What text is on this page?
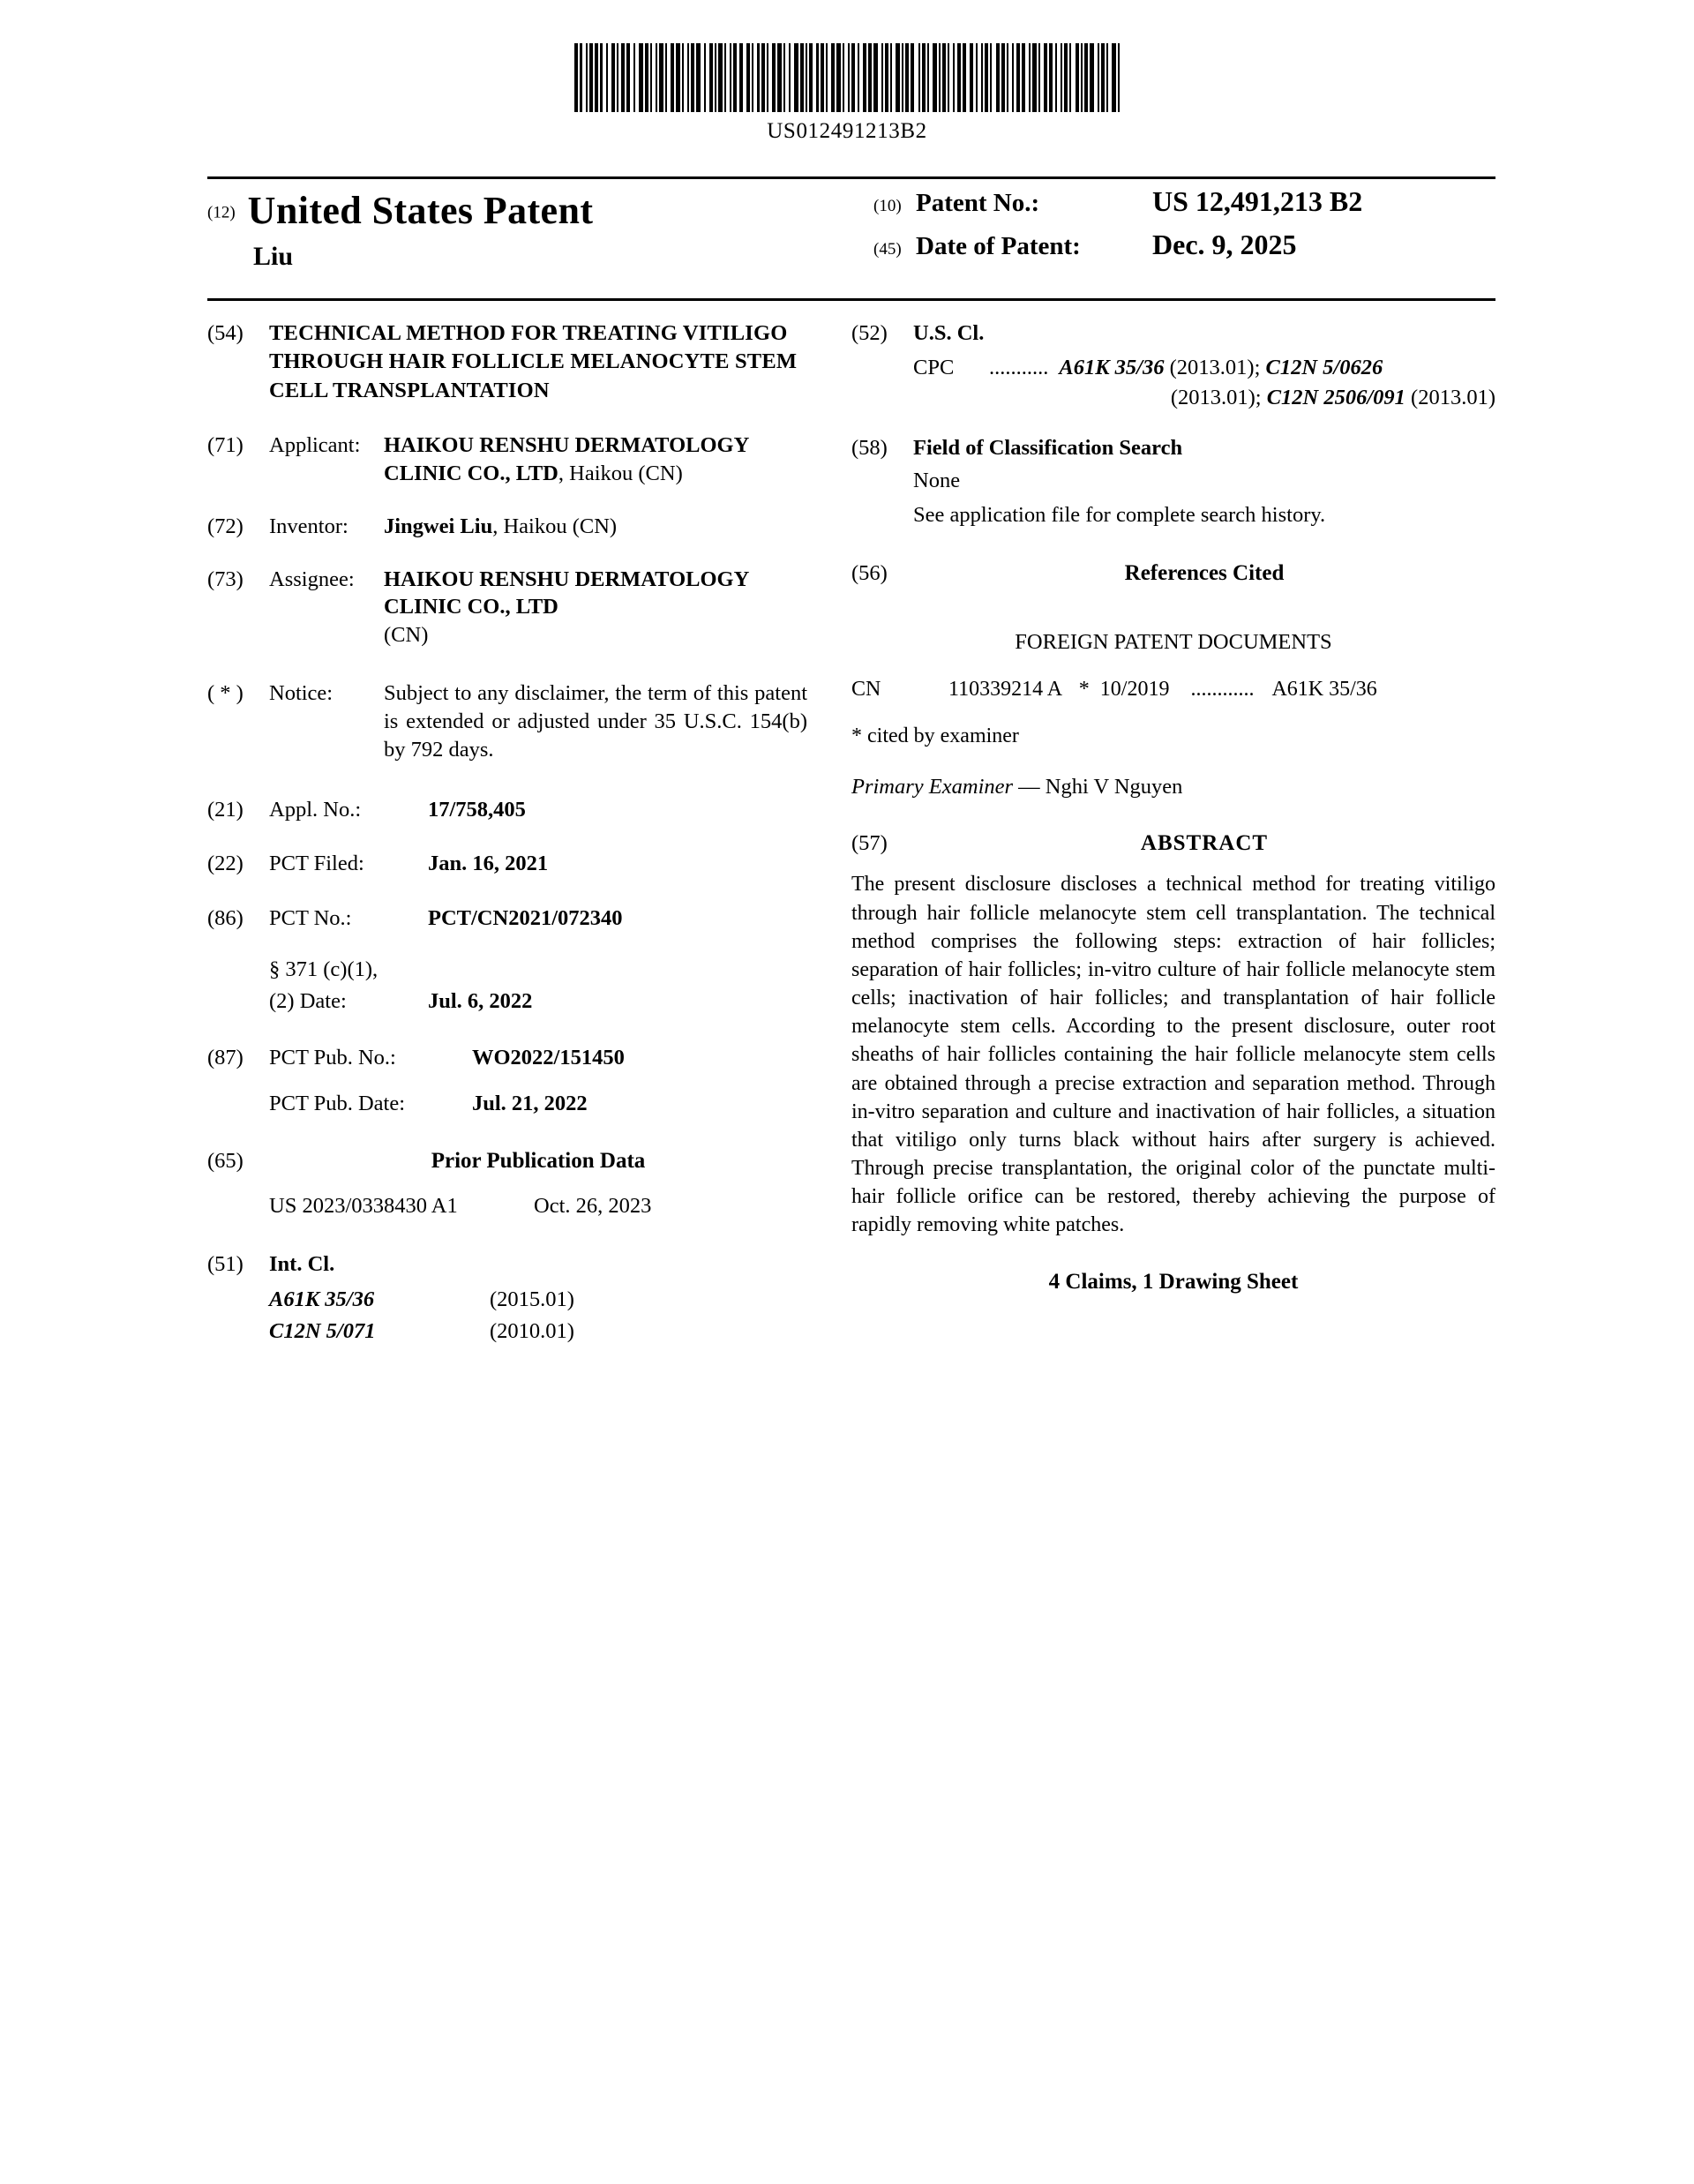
US012491213B2
(12) United States Patent
Liu
(10) Patent No.:	US 12,491,213 B2
(45) Date of Patent:	Dec. 9, 2025
(54)	TECHNICAL METHOD FOR TREATING VITILIGO THROUGH HAIR FOLLICLE MELANOCYTE STEM CELL TRANSPLANTATION
(71)	Applicant:	HAIKOU RENSHU DERMATOLOGY CLINIC CO., LTD, Haikou (CN)
(72)	Inventor:	Jingwei Liu, Haikou (CN)
(73)	Assignee:	HAIKOU RENSHU DERMATOLOGY CLINIC CO., LTD
(CN)
( * )	Notice:	Subject to any disclaimer, the term of this patent is extended or adjusted under 35 U.S.C. 154(b) by 792 days.
(21)	Appl. No.:	17/758,405
(22)	PCT Filed:	Jan. 16, 2021
(86)	PCT No.:	PCT/CN2021/072340
§ 371 (c)(1),
(2) Date:	Jul. 6, 2022
(87)	PCT Pub. No.:	WO2022/151450
PCT Pub. Date:	Jul. 21, 2022
(65)	Prior Publication Data
US 2023/0338430 A1	Oct. 26, 2023
(51)	Int. Cl.
A61K 35/36	(2015.01)
C12N 5/071	(2010.01)
(52)	U.S. Cl.
CPC	........... A61K 35/36 (2013.01); C12N 5/0626
(2013.01); C12N 2506/091 (2013.01)
(58)	Field of Classification Search
None
See application file for complete search history.
(56)	References Cited
FOREIGN PATENT DOCUMENTS
CN	110339214 A * 10/2019 ............ A61K 35/36
* cited by examiner
Primary Examiner — Nghi V Nguyen
(57)	ABSTRACT
The present disclosure discloses a technical method for treating vitiligo through hair follicle melanocyte stem cell transplantation. The technical method comprises the following steps: extraction of hair follicles; separation of hair follicles; in-vitro culture of hair follicle melanocyte stem cells; inactivation of hair follicles; and transplantation of hair follicle melanocyte stem cells. According to the present disclosure, outer root sheaths of hair follicles containing the hair follicle melanocyte stem cells are obtained through a precise extraction and separation method. Through in-vitro separation and culture and inactivation of hair follicles, a situation that vitiligo only turns black without hairs after surgery is achieved. Through precise transplantation, the original color of the punctate multi-hair follicle orifice can be restored, thereby achieving the purpose of rapidly removing white patches.
4 Claims, 1 Drawing Sheet
